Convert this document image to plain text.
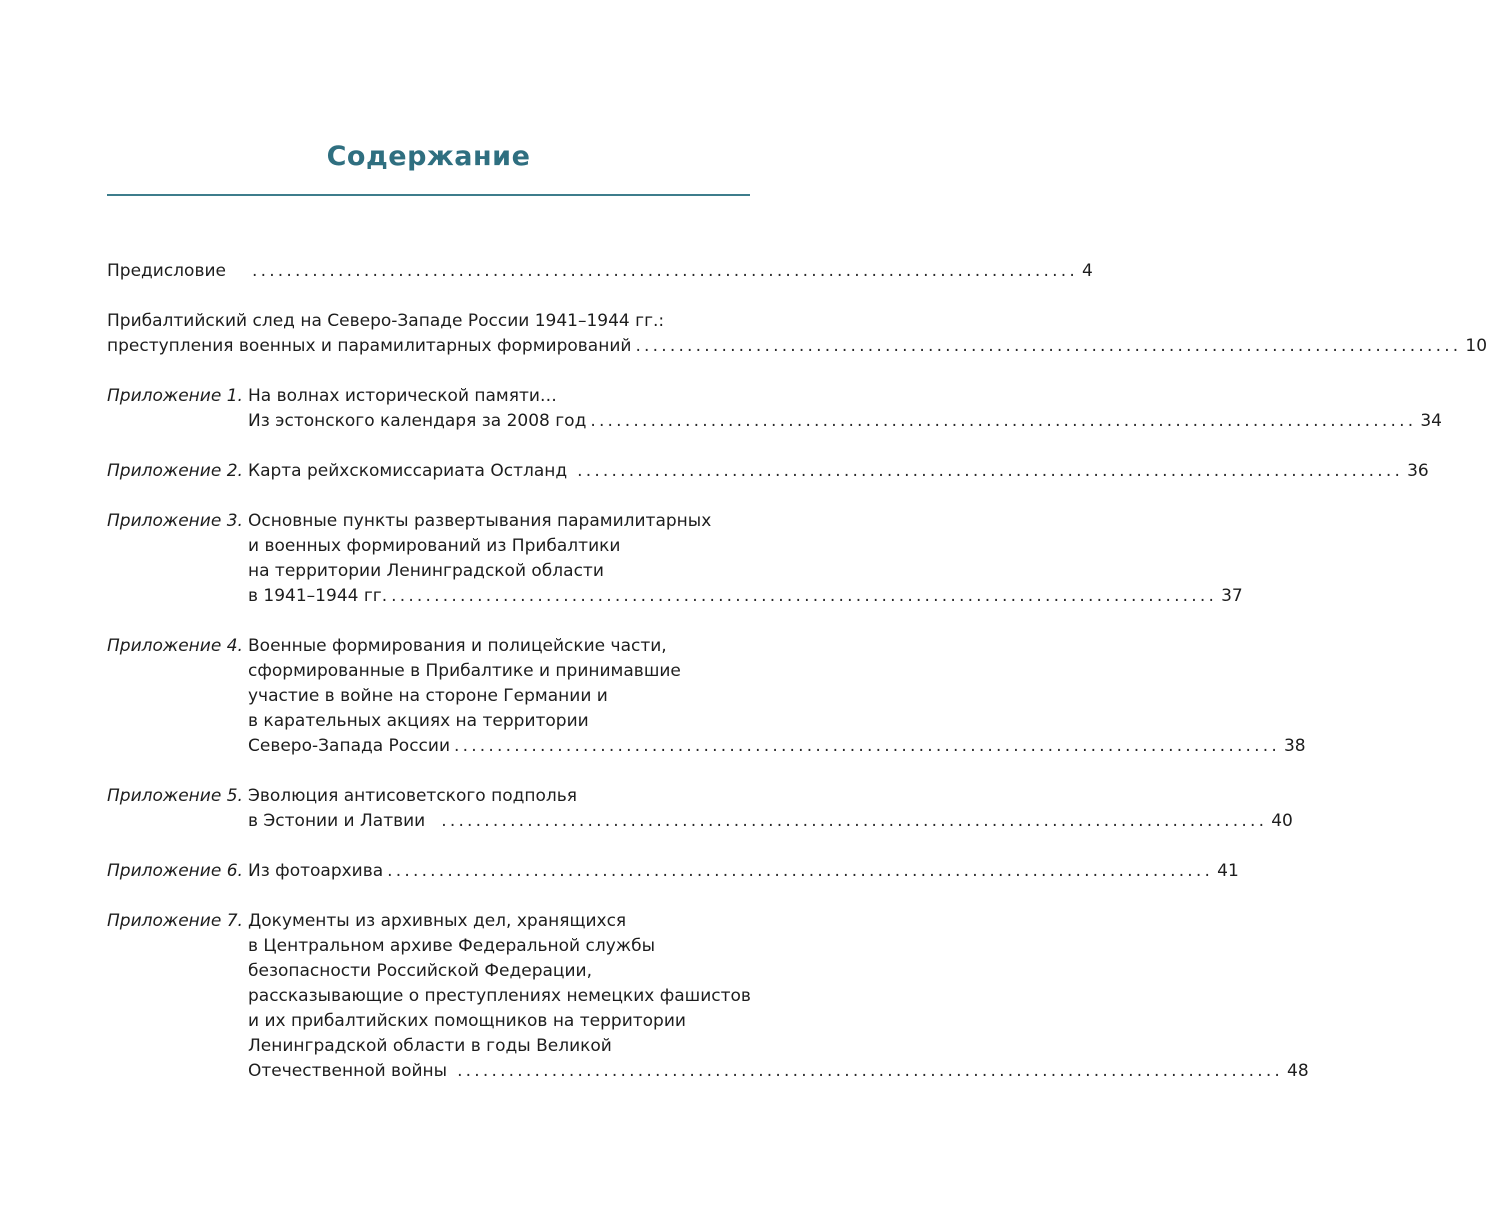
Содержание
Предисловие	................................................................................................ 4
Прибалтийский след на Северо-Западе России 1941–1944 гг.:
преступления военных и парамилитарных формирований ................................................................................................ 10
Приложение 1. На волнах исторической памяти…
Из эстонского календаря за 2008 год ................................................................................................ 34
Приложение 2. Карта рейхскомиссариата Остланд ................................................................................................ 36
Приложение 3. Основные пункты развертывания парамилитарных
и военных формирований из Прибалтики
на территории Ленинградской области
в 1941–1944 гг. ................................................................................................ 37
Приложение 4. Военные формирования и полицейские части,
сформированные в Прибалтике и принимавшие
участие в войне на стороне Германии и
в карательных акциях на территории
Северо-Запада России ................................................................................................ 38
Приложение 5. Эволюция антисоветского подполья
в Эстонии и Латвии ................................................................................................ 40
Приложение 6. Из фотоархива ................................................................................................ 41
Приложение 7. Документы из архивных дел, хранящихся
в Центральном архиве Федеральной службы
безопасности Российской Федерации,
рассказывающие о преступлениях немецких фашистов
и их прибалтийских помощников на территории
Ленинградской области в годы Великой
Отечественной войны ................................................................................................ 48
